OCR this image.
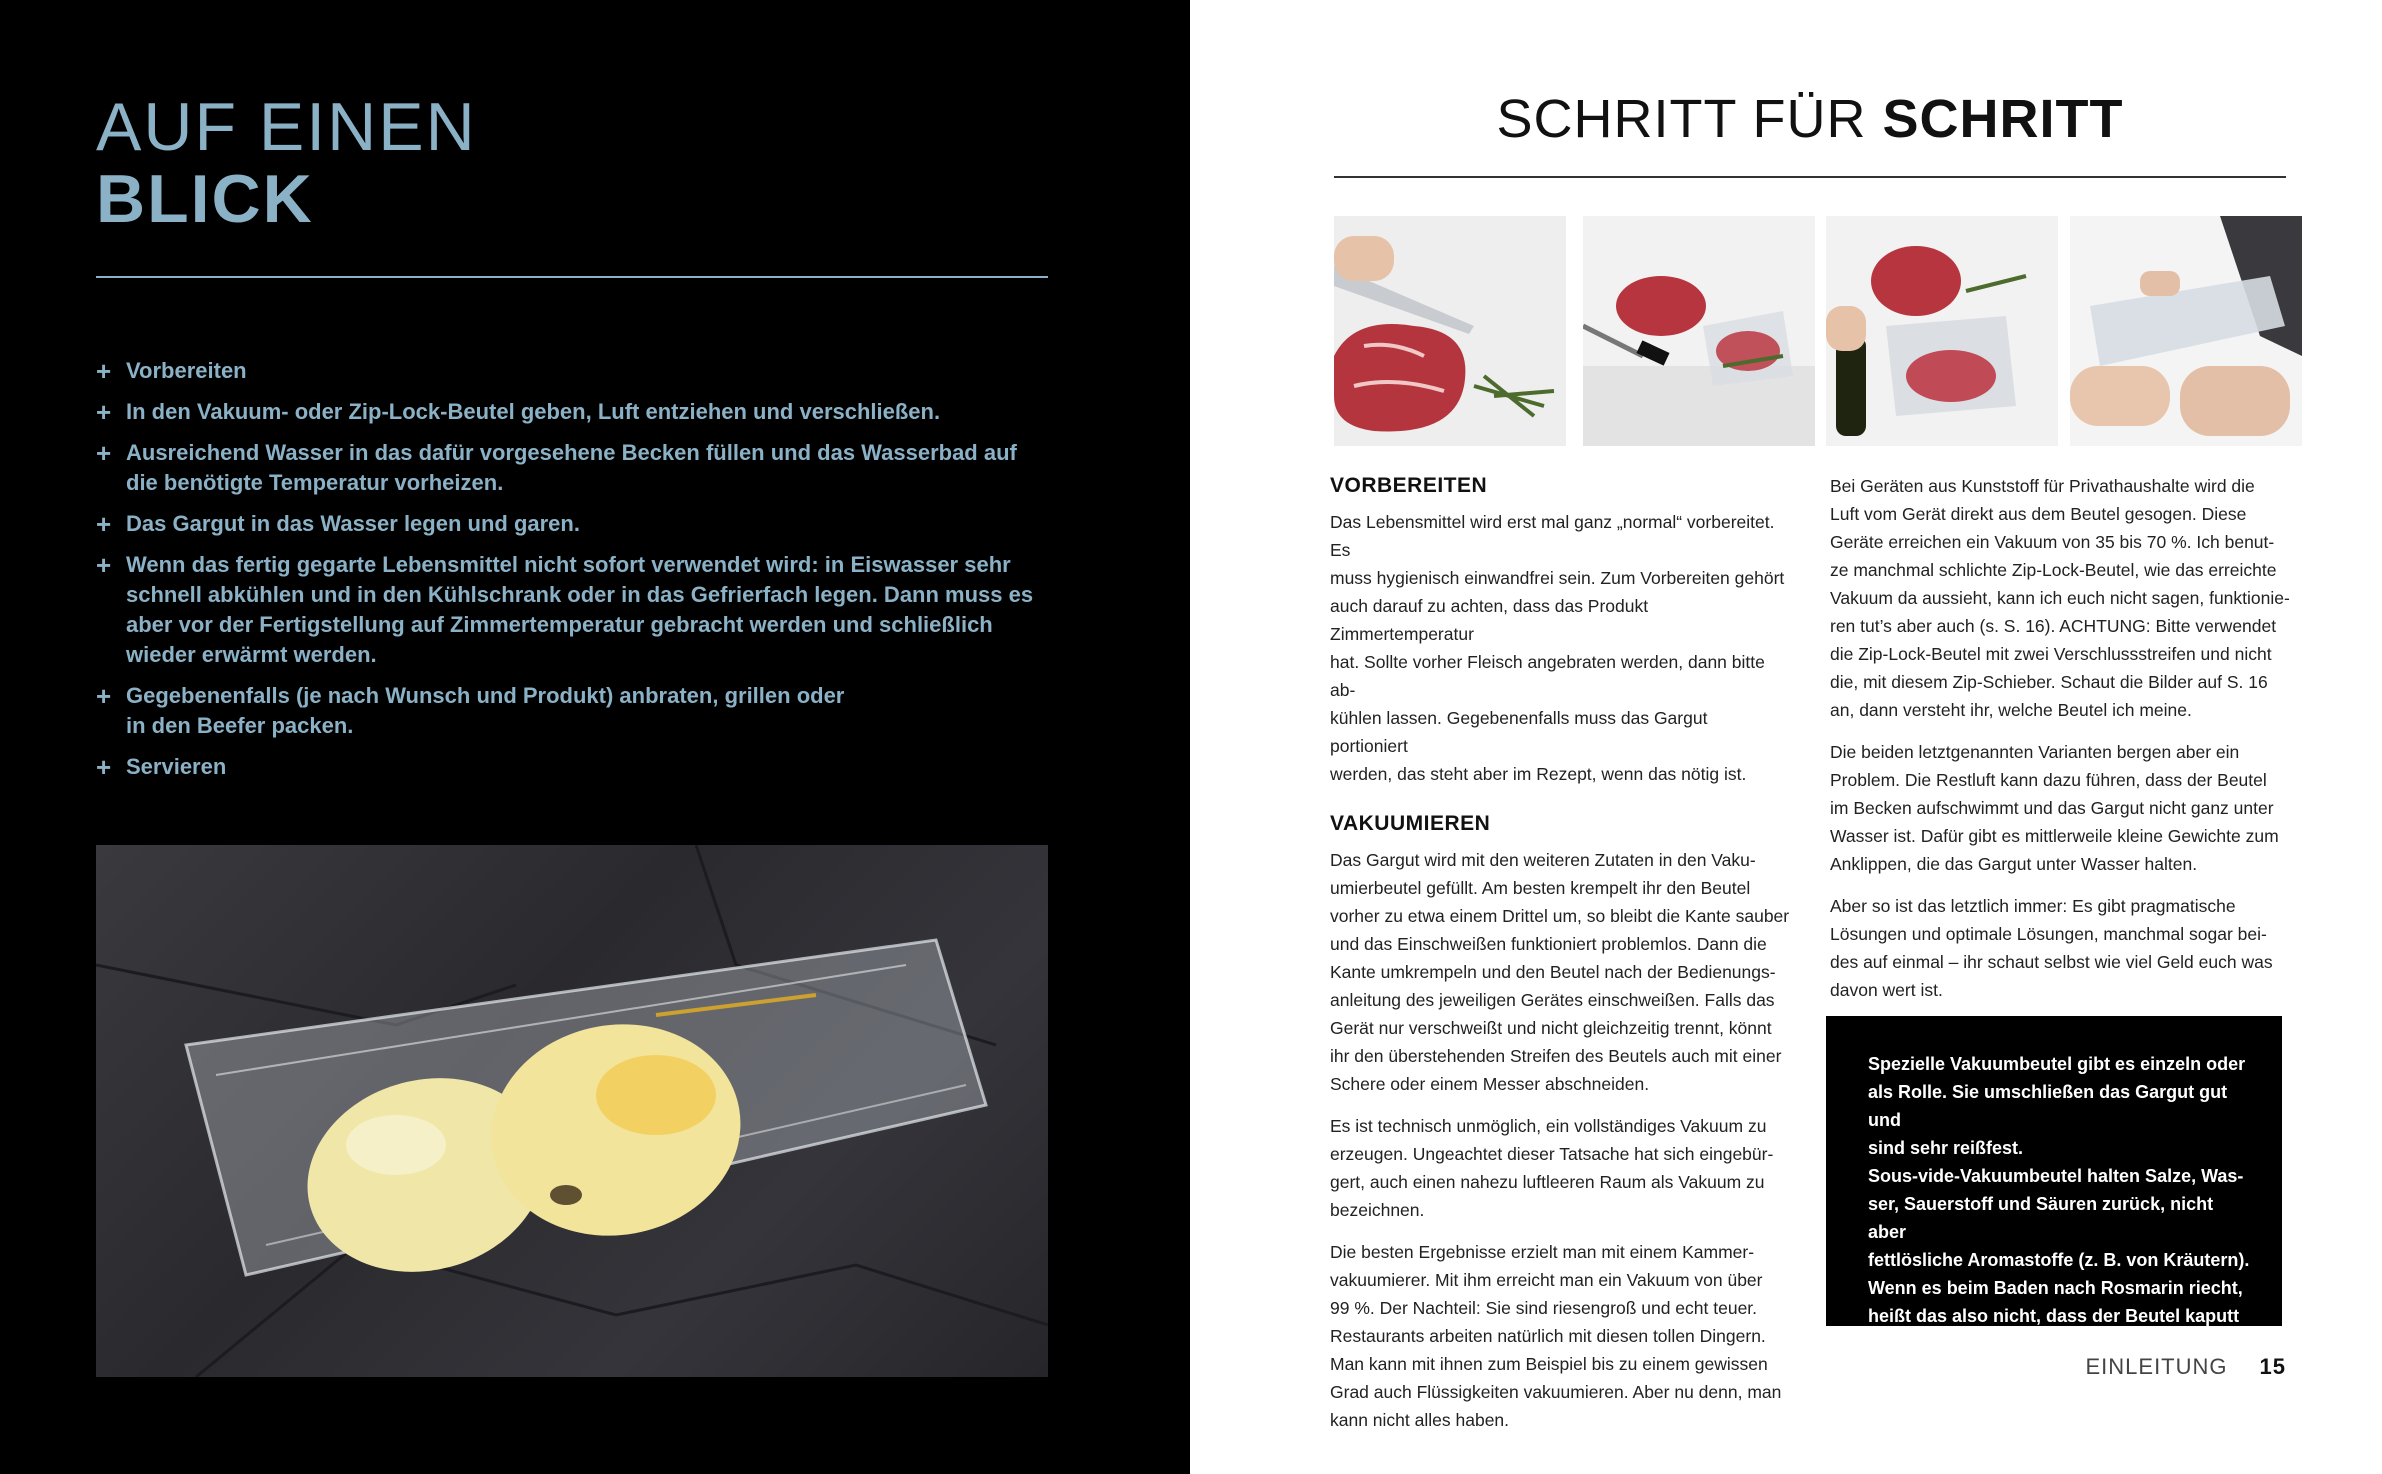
AUF EINEN
BLICK
+ Vorbereiten
+ In den Vakuum- oder Zip-Lock-Beutel geben, Luft entziehen und verschließen.
+ Ausreichend Wasser in das dafür vorgesehene Becken füllen und das Wasserbad auf
die benötigte Temperatur vorheizen.
+ Das Gargut in das Wasser legen und garen.
+ Wenn das fertig gegarte Lebensmittel nicht sofort verwendet wird: in Eiswasser sehr
schnell abkühlen und in den Kühlschrank oder in das Gefrierfach legen. Dann muss es
aber vor der Fertigstellung auf Zimmertemperatur gebracht werden und schließlich
wieder erwärmt werden.
+ Gegebenenfalls (je nach Wunsch und Produkt) anbraten, grillen oder
in den Beefer packen.
+ Servieren
SCHRITT FÜR SCHRITT
VORBEREITEN

Das Lebensmittel wird erst mal ganz „normal“ vorbereitet. Es
muss hygienisch einwandfrei sein. Zum Vorbereiten gehört
auch darauf zu achten, dass das Produkt Zimmertemperatur
hat. Sollte vorher Fleisch angebraten werden, dann bitte ab-
kühlen lassen. Gegebenenfalls muss das Gargut portioniert
werden, das steht aber im Rezept, wenn das nötig ist.

VAKUUMIEREN

Das Gargut wird mit den weiteren Zutaten in den Vaku-
umierbeutel gefüllt. Am besten krempelt ihr den Beutel
vorher zu etwa einem Drittel um, so bleibt die Kante sauber
und das Einschweißen funktioniert problemlos. Dann die
Kante umkrempeln und den Beutel nach der Bedienungs-
anleitung des jeweiligen Gerätes einschweißen. Falls das
Gerät nur verschweißt und nicht gleichzeitig trennt, könnt
ihr den überstehenden Streifen des Beutels auch mit einer
Schere oder einem Messer abschneiden.

Es ist technisch unmöglich, ein vollständiges Vakuum zu
erzeugen. Ungeachtet dieser Tatsache hat sich eingebür-
gert, auch einen nahezu luftleeren Raum als Vakuum zu
bezeichnen.

Die besten Ergebnisse erzielt man mit einem Kammer-
vakuumierer. Mit ihm erreicht man ein Vakuum von über
99 %. Der Nachteil: Sie sind riesengroß und echt teuer.
Restaurants arbeiten natürlich mit diesen tollen Dingern.
Man kann mit ihnen zum Beispiel bis zu einem gewissen
Grad auch Flüssigkeiten vakuumieren. Aber nu denn, man
kann nicht alles haben.

Bei Geräten aus Kunststoff für Privathaushalte wird die
Luft vom Gerät direkt aus dem Beutel gesogen. Diese
Geräte erreichen ein Vakuum von 35 bis 70 %. Ich benut-
ze manchmal schlichte Zip-Lock-Beutel, wie das erreichte
Vakuum da aussieht, kann ich euch nicht sagen, funktionie-
ren tut’s aber auch (s. S. 16). ACHTUNG: Bitte verwendet
die Zip-Lock-Beutel mit zwei Verschlussstreifen und nicht
die, mit diesem Zip-Schieber. Schaut die Bilder auf S. 16
an, dann versteht ihr, welche Beutel ich meine.

Die beiden letztgenannten Varianten bergen aber ein
Problem. Die Restluft kann dazu führen, dass der Beutel
im Becken aufschwimmt und das Gargut nicht ganz unter
Wasser ist. Dafür gibt es mittlerweile kleine Gewichte zum
Anklippen, die das Gargut unter Wasser halten.

Aber so ist das letztlich immer: Es gibt pragmatische
Lösungen und optimale Lösungen, manchmal sogar bei-
des auf einmal – ihr schaut selbst wie viel Geld euch was
davon wert ist.

Spezielle Vakuumbeutel gibt es einzeln oder
als Rolle. Sie umschließen das Gargut gut und
sind sehr reißfest.
Sous-vide-Vakuumbeutel halten Salze, Was-
ser, Sauerstoff und Säuren zurück, nicht aber
fettlösliche Aromastoffe (z. B. von Kräutern).
Wenn es beim Baden nach Rosmarin riecht,
heißt das also nicht, dass der Beutel kaputt ist.
EINLEITUNG 15
